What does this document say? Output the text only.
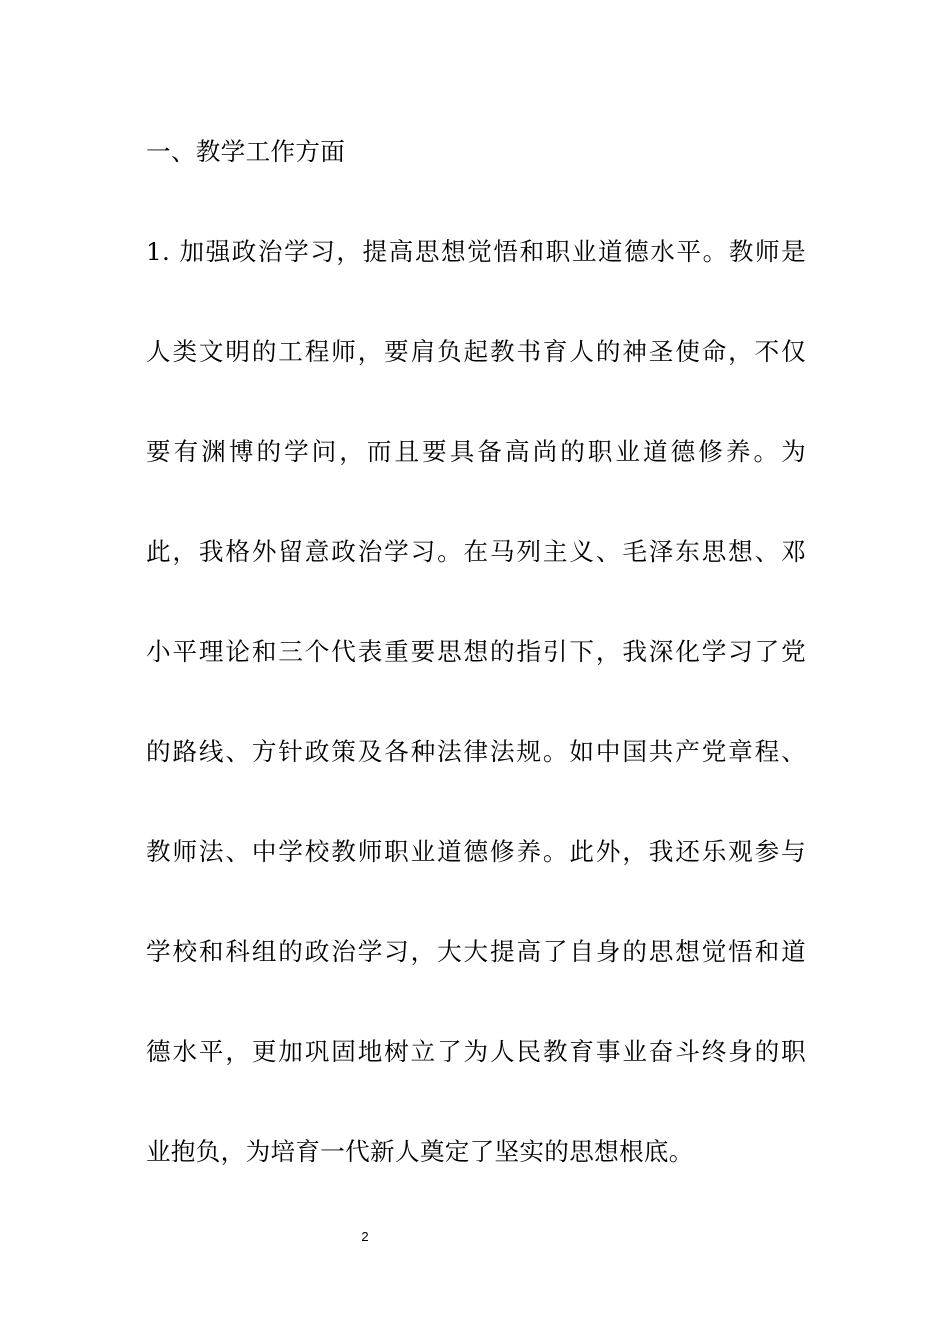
一、教学工作方面
1. 加强政治学习，提高思想觉悟和职业道德水平。教师是
人类文明的工程师，要肩负起教书育人的神圣使命，不仅
要有渊博的学问，而且要具备高尚的职业道德修养。为
此，我格外留意政治学习。在马列主义、毛泽东思想、邓
小平理论和三个代表重要思想的指引下，我深化学习了党
的路线、方针政策及各种法律法规。如中国共产党章程、
教师法、中学校教师职业道德修养。此外，我还乐观参与
学校和科组的政治学习，大大提高了自身的思想觉悟和道
德水平，更加巩固地树立了为人民教育事业奋斗终身的职
业抱负，为培育一代新人奠定了坚实的思想根底。
2
